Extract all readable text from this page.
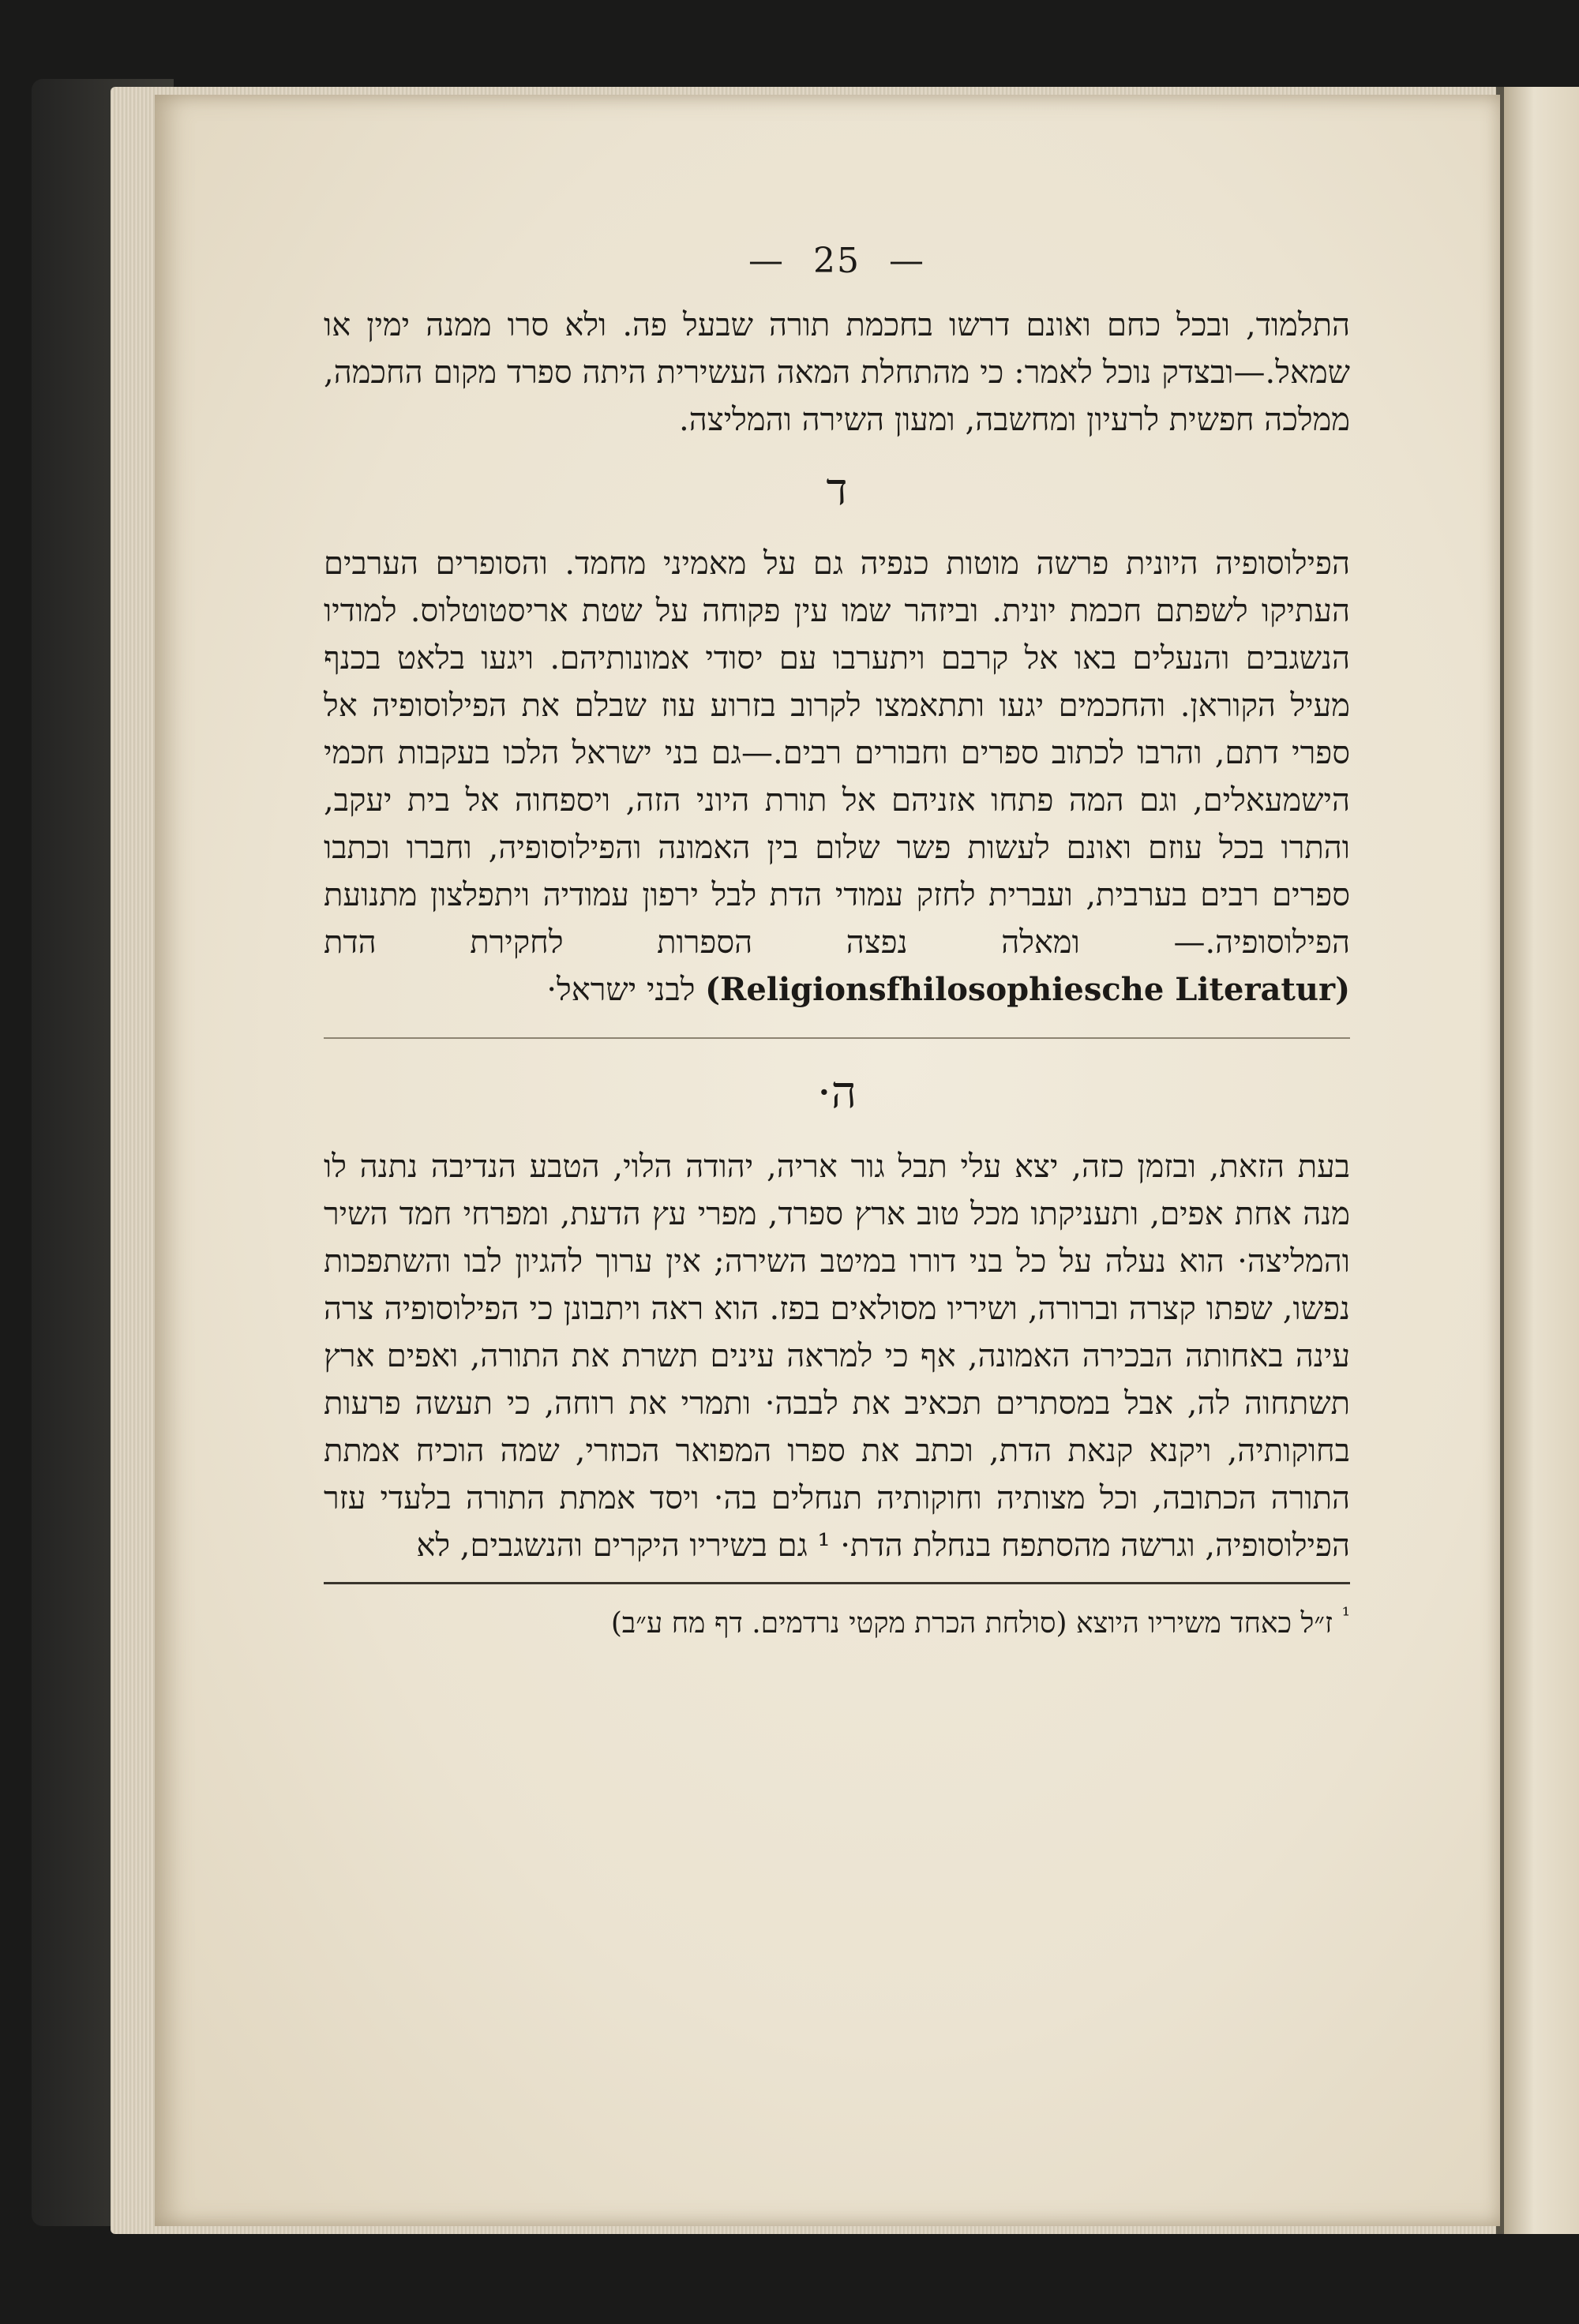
— 25 —

התלמוד, ובכל כחם ואונם דרשו בחכמת תורה שבעל פה. ולא סרו ממנה ימין או שמאל.—ובצדק נוכל לאמר: כי מהתחלת המאה העשירית היתה ספרד מקום החכמה, ממלכה חפשית לרעיון ומחשבה, ומעון השירה והמליצה.

ד

הפילוסופיה היונית פרשה מוטות כנפיה גם על מאמיני מחמד. והסופרים הערבים העתיקו לשפתם חכמת יונית. וביזהר שמו עין פקוחה על שטת אריסטוטלוס. למודיו הנשגבים והנעלים באו אל קרבם ויתערבו עם יסודי אמונותיהם. ויגעו בלאט בכנף מעיל הקוראן. והחכמים יגעו ותתאמצו לקרוב בזרוע עוז שבלם את הפילוסופיה אל ספרי דתם, והרבו לכתוב ספרים וחבורים רבים.—גם בני ישראל הלכו בעקבות חכמי הישמעאלים, וגם המה פתחו אזניהם אל תורת היוני הזה, ויספחוה אל בית יעקב, והתרו בכל עוזם ואונם לעשות פשר שלום בין האמונה והפילוסופיה, וחברו וכתבו ספרים רבים בערבית, ועברית לחזק עמודי הדת לבל ירפון עמודיה ויתפלצון מתנועת הפילוסופיה.— ומאלה נפצה הספרות לחקירת הדת (Religionsfhilosophiesche Literatur) לבני ישראל·

ה·

בעת הזאת, ובזמן כזה, יצא עלי תבל גור אריה, יהודה הלוי, הטבע הנדיבה נתנה לו מנה אחת אפים, ותעניקתו מכל טוב ארץ ספרד, מפרי עץ הדעת, ומפרחי חמד השיר והמליצה· הוא נעלה על כל בני דורו במיטב השירה; אין ערוך להגיון לבו והשתפכות נפשו, שפתו קצרה וברורה, ושיריו מסולאים בפז. הוא ראה ויתבונן כי הפילוסופיה צרה עינה באחותה הבכירה האמונה, אף כי למראה עינים תשרת את התורה, ואפים ארץ תשתחוה לה, אבל במסתרים תכאיב את לבבה· ותמרי את רוחה, כי תעשה פרעות בחוקותיה, ויקנא קנאת הדת, וכתב את ספרו המפואר הכוזרי, שמה הוכיח אמתת התורה הכתובה, וכל מצותיה וחוקותיה תנחלים בה· ויסד אמתת התורה בלעדי עזר הפילוסופיה, וגרשה מהסתפח בנחלת הדת· ¹ גם בשיריו היקרים והנשגבים, לא

$^{^1}$ ז״ל כאחד משיריו היוצא (סולחת הכרת מקטי נרדמים. דף מח ע״ב)
